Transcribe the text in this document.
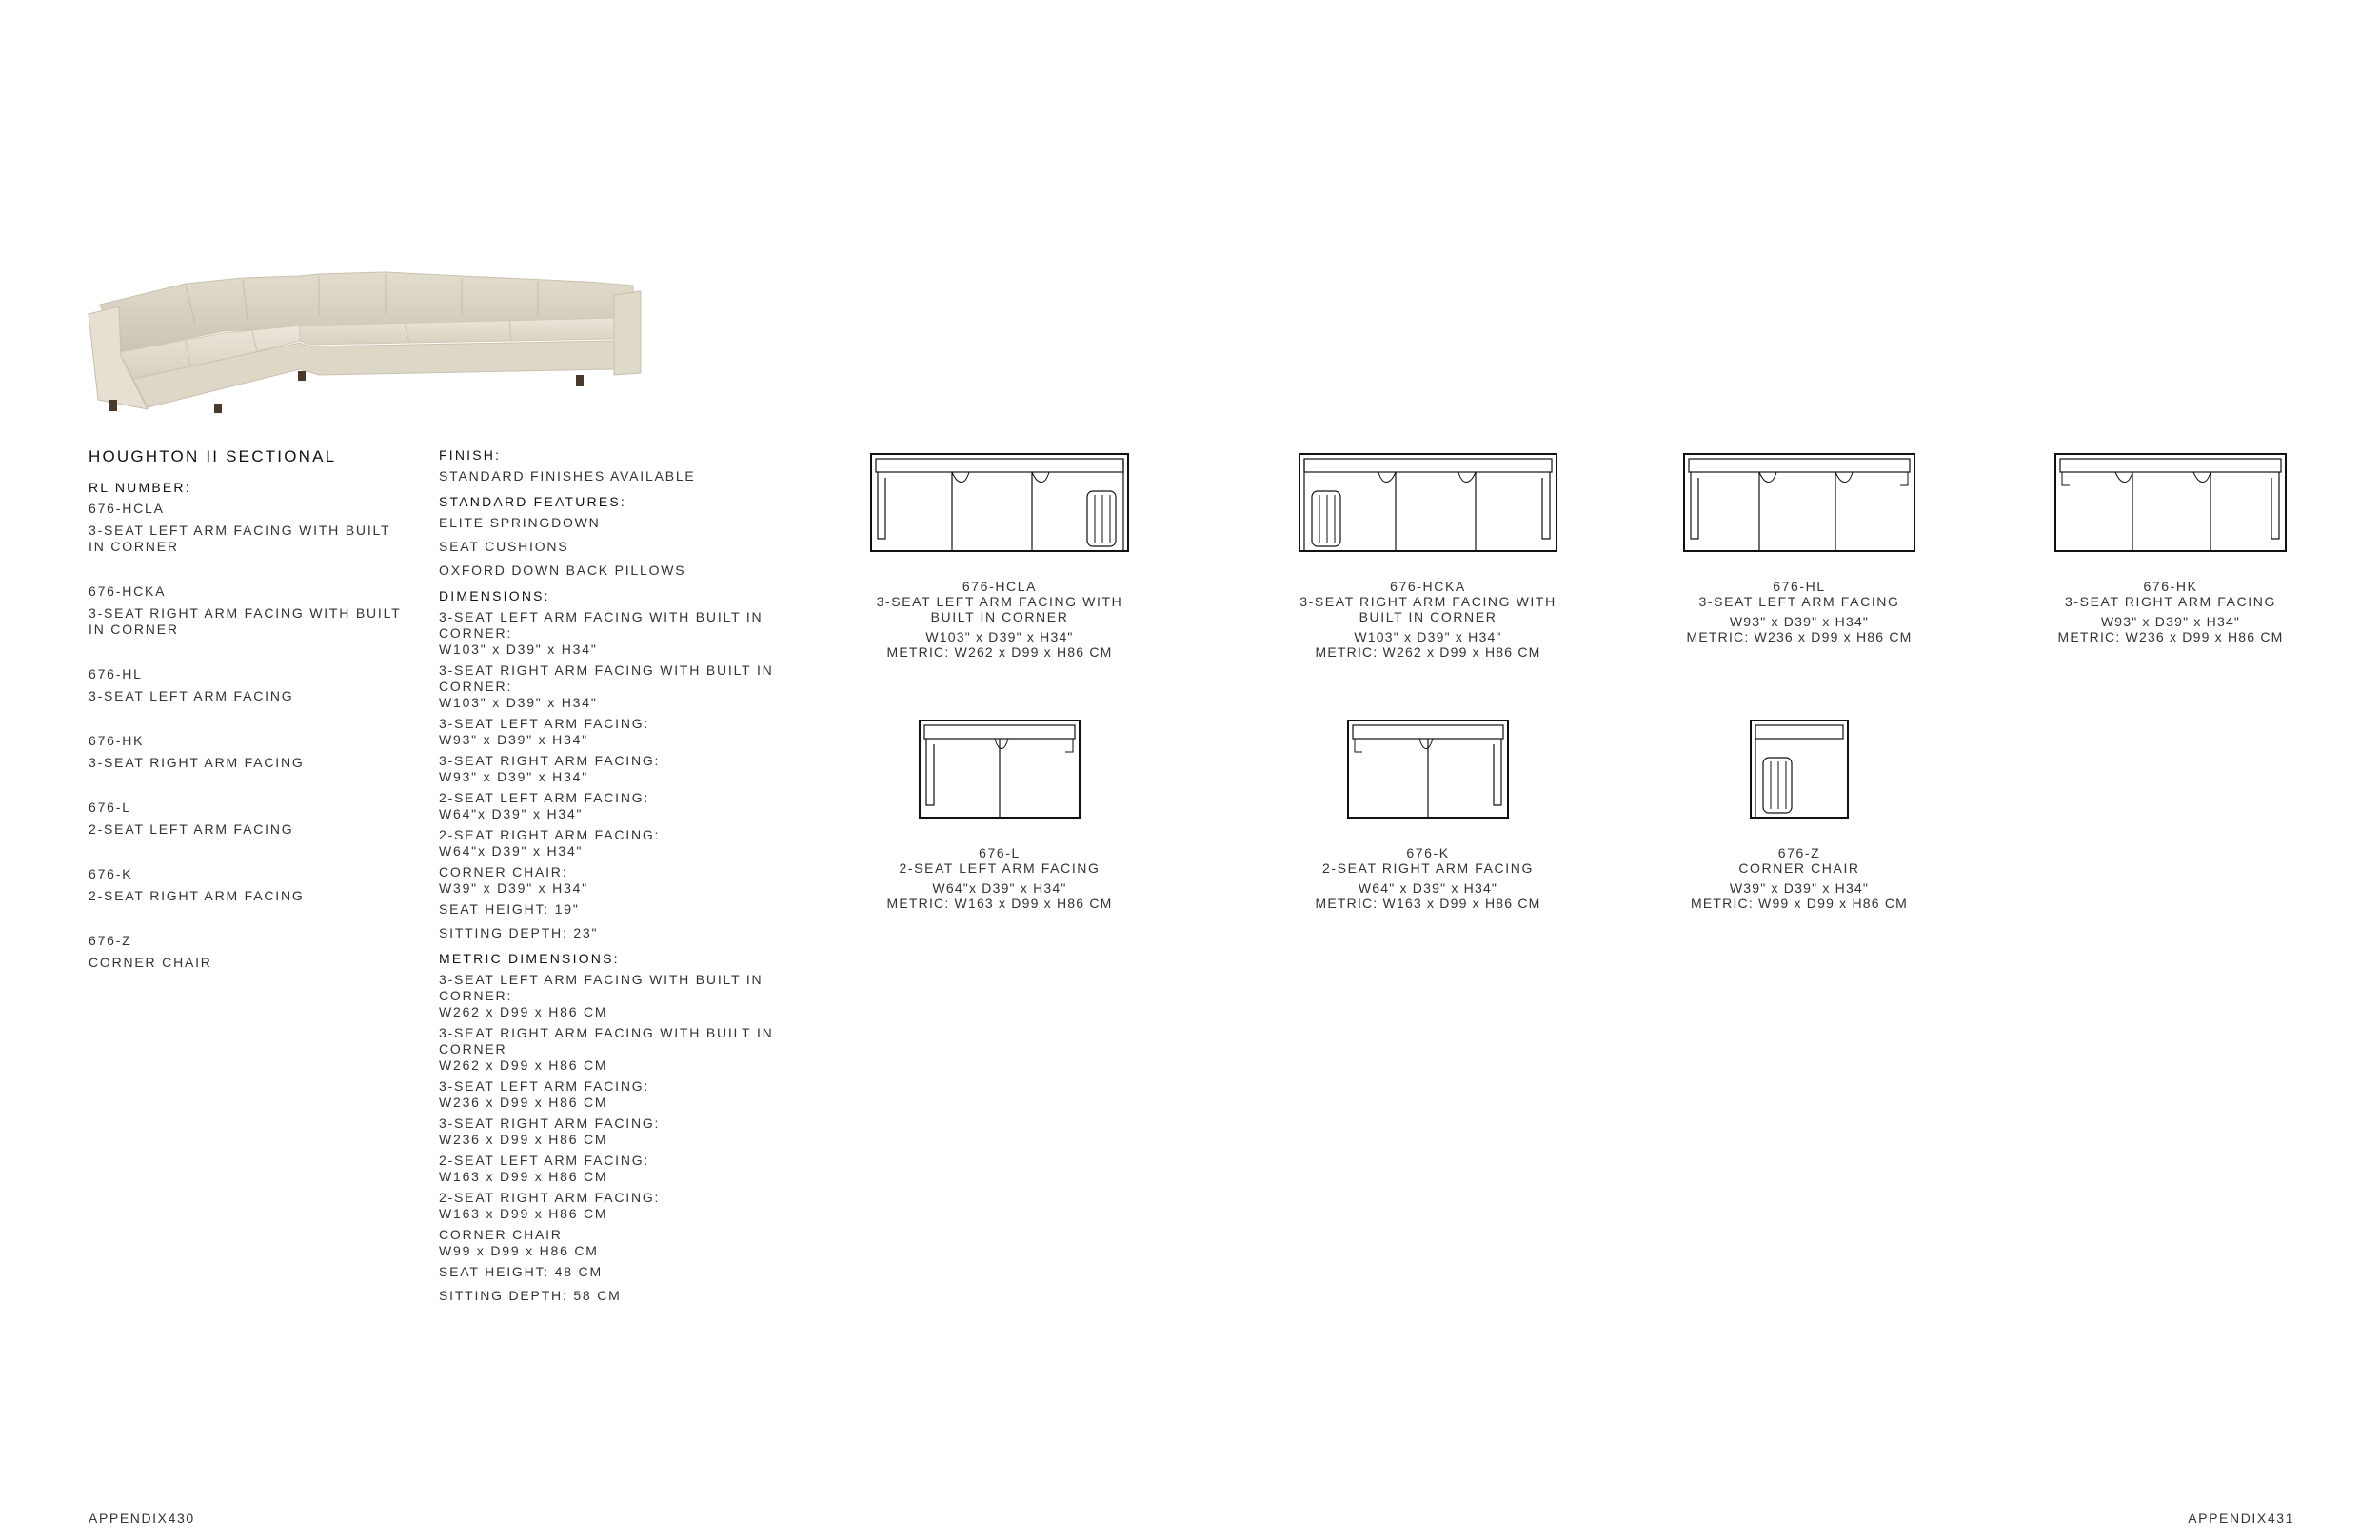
HOUGHTON II SECTIONAL
RL NUMBER:
676-HCLA
3-SEAT LEFT ARM FACING WITH BUILT IN CORNER
676-HCKA
3-SEAT RIGHT ARM FACING WITH BUILT IN CORNER
676-HL
3-SEAT LEFT ARM FACING
676-HK
3-SEAT RIGHT ARM FACING
676-L
2-SEAT LEFT ARM FACING
676-K
2-SEAT RIGHT ARM FACING
676-Z
CORNER CHAIR
FINISH:
STANDARD FINISHES AVAILABLE
STANDARD FEATURES:
ELITE SPRINGDOWN
SEAT CUSHIONS
OXFORD DOWN BACK PILLOWS
DIMENSIONS:
3-SEAT LEFT ARM FACING WITH BUILT IN CORNER:
W103" x D39" x H34"
3-SEAT RIGHT ARM FACING WITH BUILT IN CORNER:
W103" x D39" x H34"
3-SEAT LEFT ARM FACING:
W93" x D39" x H34"
3-SEAT RIGHT ARM FACING:
W93" x D39" x H34"
2-SEAT LEFT ARM FACING:
W64"x D39" x H34"
2-SEAT RIGHT ARM FACING:
W64"x D39" x H34"
CORNER CHAIR:
W39" x D39" x H34"
SEAT HEIGHT: 19"
SITTING DEPTH: 23"
METRIC DIMENSIONS:
3-SEAT LEFT ARM FACING WITH BUILT IN CORNER:
W262 x D99 x H86 CM
3-SEAT RIGHT ARM FACING WITH BUILT IN CORNER
W262 x D99 x H86 CM
3-SEAT LEFT ARM FACING:
W236 x D99 x H86 CM
3-SEAT RIGHT ARM FACING:
W236 x D99 x H86 CM
2-SEAT LEFT ARM FACING:
W163 x D99 x H86 CM
2-SEAT RIGHT ARM FACING:
W163 x D99 x H86 CM
CORNER CHAIR
W99 x D99 x H86 CM
SEAT HEIGHT: 48 CM
SITTING DEPTH: 58 CM
676-HCLA
3-SEAT LEFT ARM FACING WITH
BUILT IN CORNER
W103" x D39" x H34"
METRIC: W262 x D99 x H86 CM
676-HCKA
3-SEAT RIGHT ARM FACING WITH
BUILT IN CORNER
W103" x D39" x H34"
METRIC: W262 x D99 x H86 CM
676-HL
3-SEAT LEFT ARM FACING
W93" x D39" x H34"
METRIC: W236 x D99 x H86 CM
676-HK
3-SEAT RIGHT ARM FACING
W93" x D39" x H34"
METRIC: W236 x D99 x H86 CM
676-L
2-SEAT LEFT ARM FACING
W64"x D39" x H34"
METRIC: W163 x D99 x H86 CM
676-K
2-SEAT RIGHT ARM FACING
W64" x D39" x H34"
METRIC: W163 x D99 x H86 CM
676-Z
CORNER CHAIR
W39" x D39" x H34"
METRIC: W99 x D99 x H86 CM
APPENDIX430	APPENDIX431
